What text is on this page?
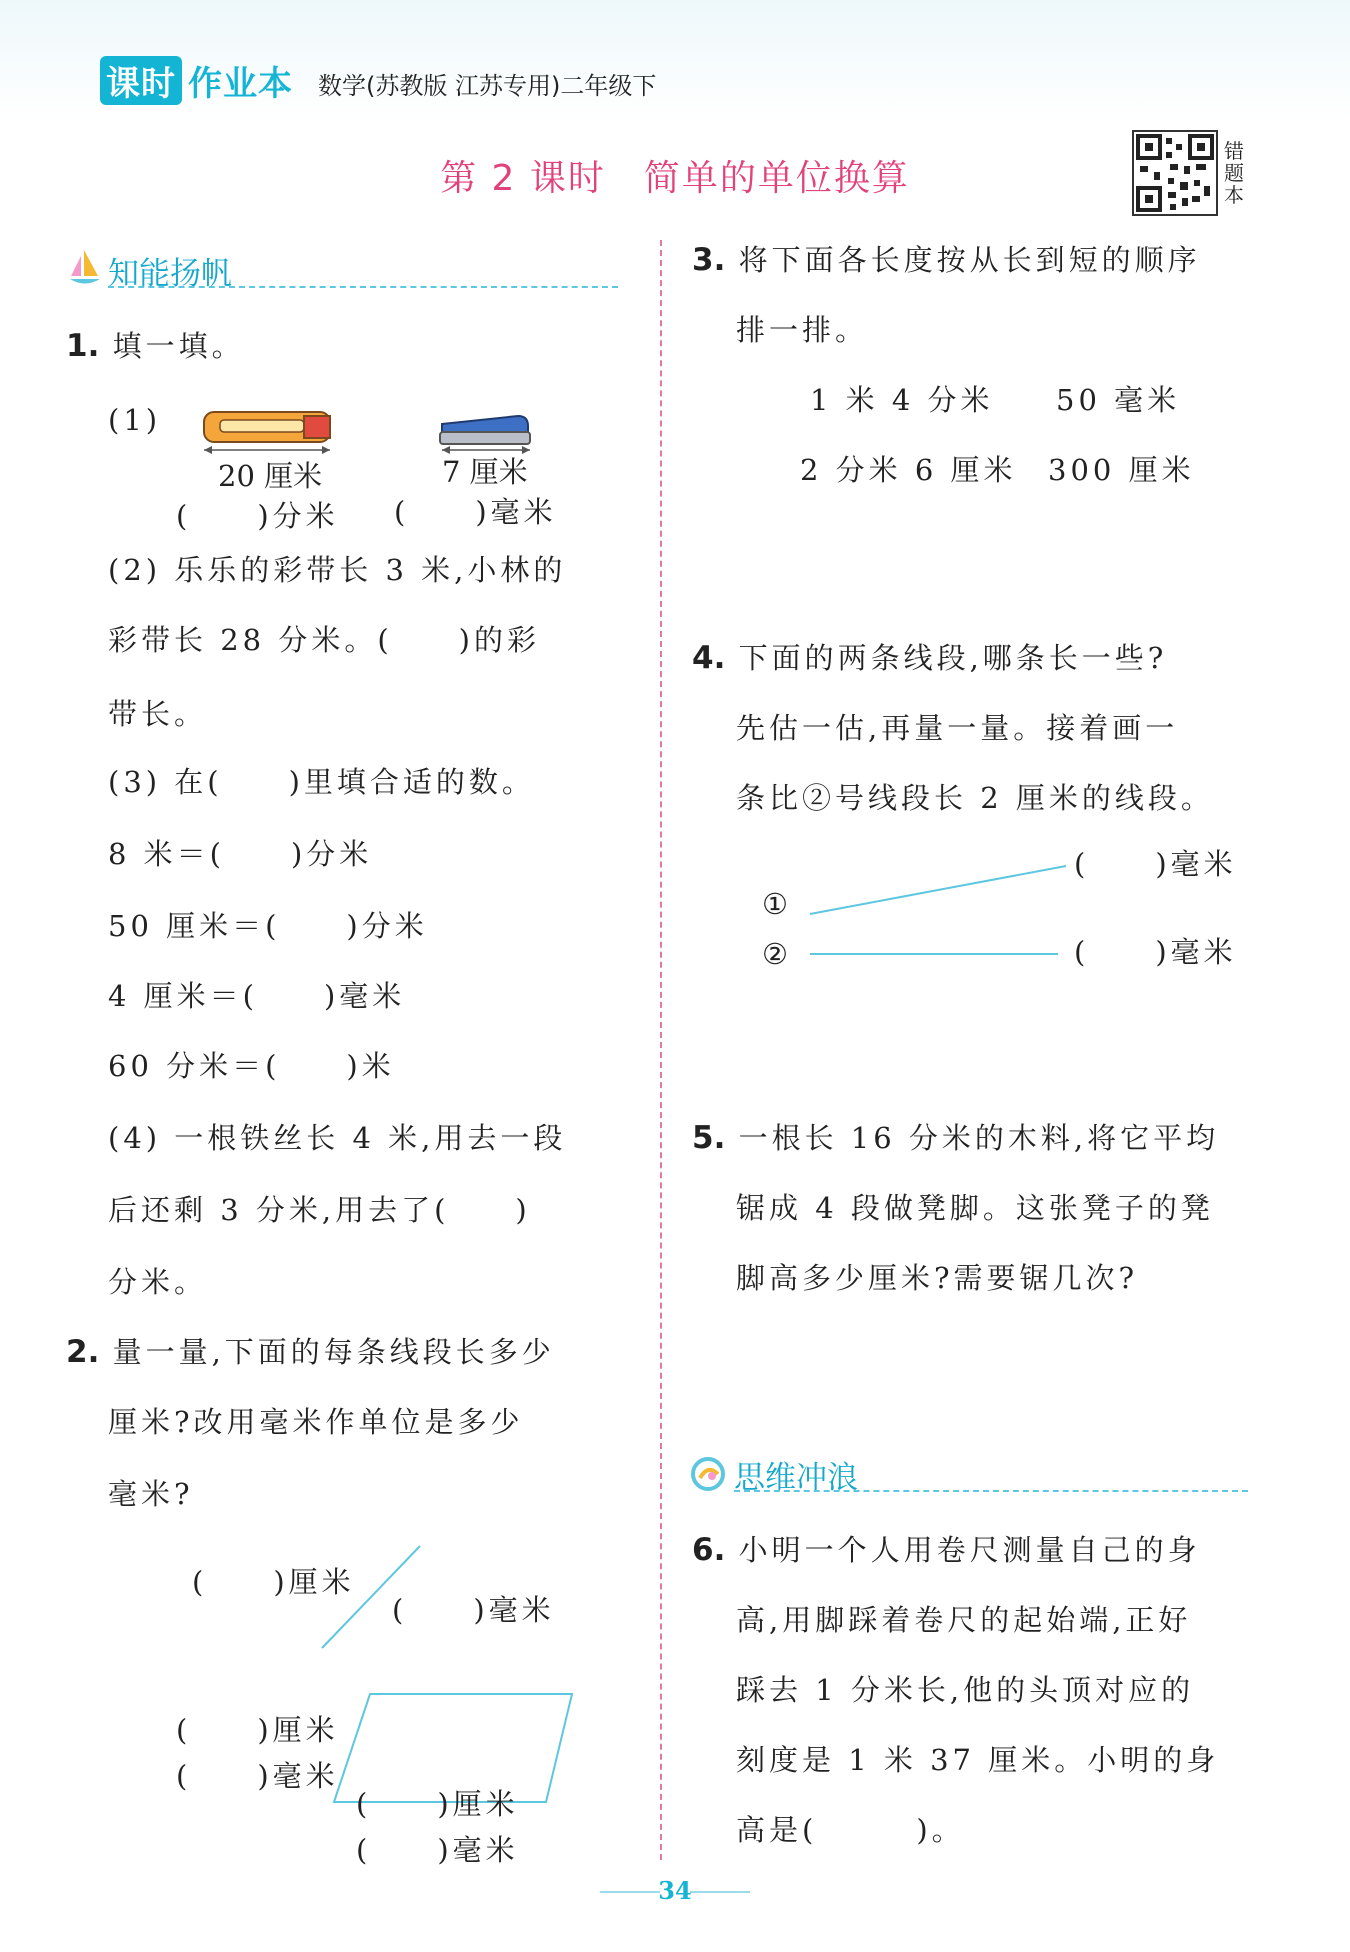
课时 作业本 数学(苏教版 江苏专用)二年级下
第 2 课时　简单的单位换算
错题本
知能扬帆
1. 填一填。
(1)
20 厘米	7 厘米
(　　)分米 (　　)毫米
(2) 乐乐的彩带长 3 米,小林的
彩带长 28 分米。(　　)的彩
带长。
(3) 在(　　)里填合适的数。
8 米＝(　　)分米
50 厘米＝(　　)分米
4 厘米＝(　　)毫米
60 分米＝(　　)米
(4) 一根铁丝长 4 米,用去一段
后还剩 3 分米,用去了(　　)
分米。
2. 量一量,下面的每条线段长多少
厘米?改用毫米作单位是多少
毫米?
(　　)厘米
(　　)毫米
(　　)厘米
(　　)毫米
(　　)厘米
(　　)毫米
3. 将下面各长度按从长到短的顺序
排一排。
1 米 4 分米 50 毫米
2 分米 6 厘米 300 厘米
4. 下面的两条线段,哪条长一些?
先估一估,再量一量。接着画一
条比②号线段长 2 厘米的线段。
①
②
(　　)毫米
(　　)毫米
5. 一根长 16 分米的木料,将它平均
锯成 4 段做凳脚。这张凳子的凳
脚高多少厘米?需要锯几次?
思维冲浪
6. 小明一个人用卷尺测量自己的身
高,用脚踩着卷尺的起始端,正好
踩去 1 分米长,他的头顶对应的
刻度是 1 米 37 厘米。小明的身
高是(　　　)。
34
